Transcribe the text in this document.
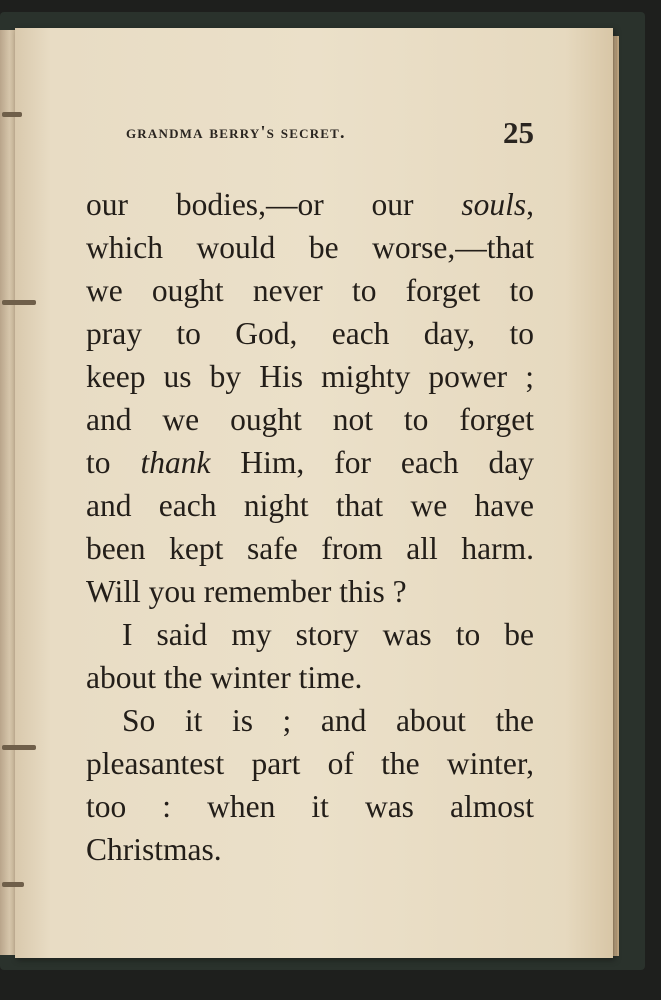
grandma berry's secret.	25
our bodies,—or our souls,
which would be worse,—that
we ought never to forget to
pray to God, each day, to
keep us by His mighty power ;
and we ought not to forget
to thank Him, for each day
and each night that we have
been kept safe from all harm.
Will you remember this ?
I said my story was to be
about the winter time.
So it is ; and about the
pleasantest part of the winter,
too : when it was almost
Christmas.
